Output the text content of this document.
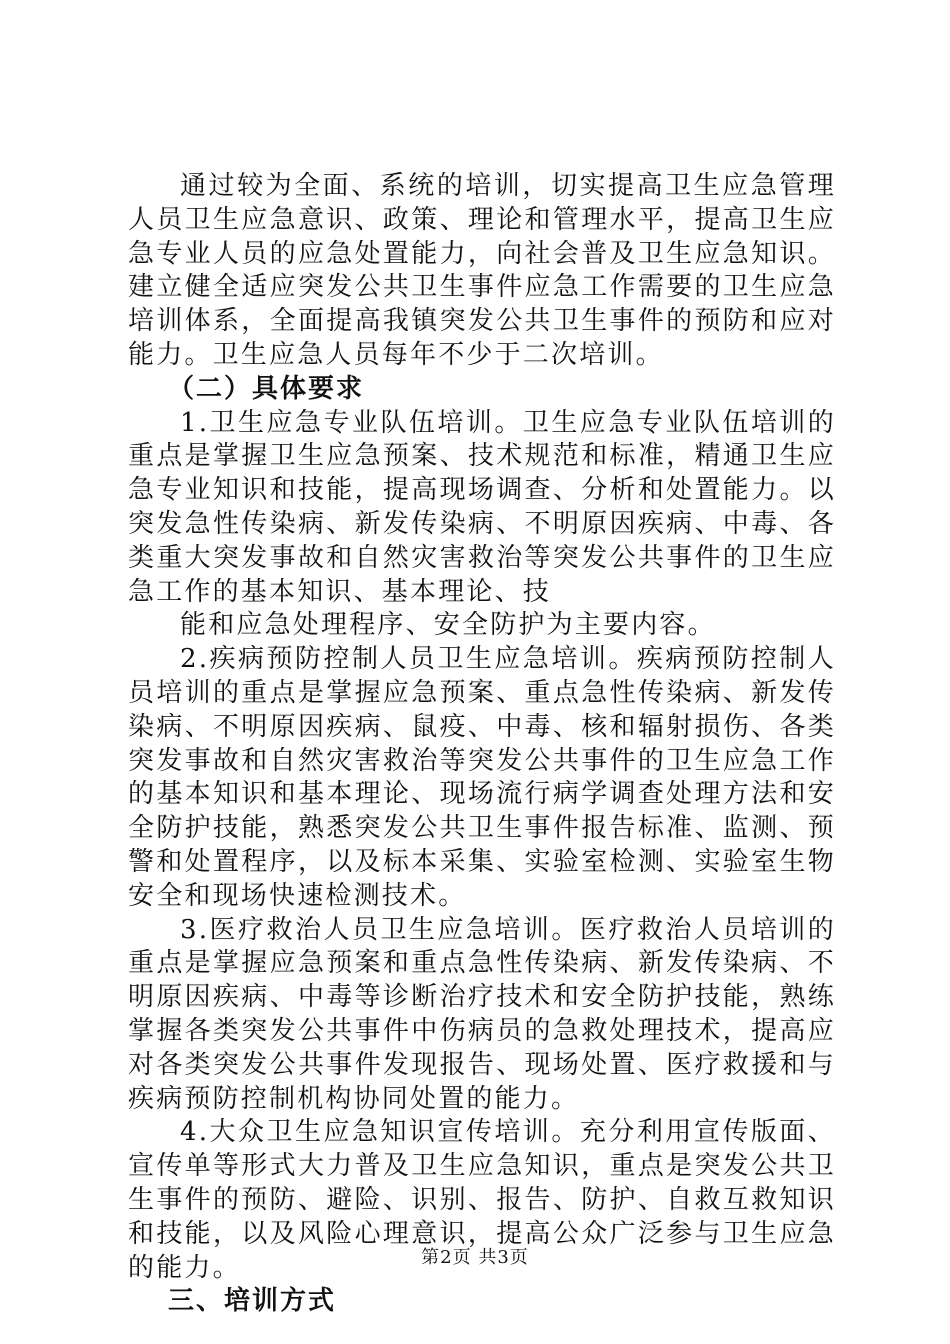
通过较为全面、系统的培训，切实提高卫生应急管理人员卫生应急意识、政策、理论和管理水平，提高卫生应急专业人员的应急处置能力，向社会普及卫生应急知识。建立健全适应突发公共卫生事件应急工作需要的卫生应急培训体系，全面提高我镇突发公共卫生事件的预防和应对能力。卫生应急人员每年不少于二次培训。

（二）具体要求

1.卫生应急专业队伍培训。卫生应急专业队伍培训的重点是掌握卫生应急预案、技术规范和标准，精通卫生应急专业知识和技能，提高现场调查、分析和处置能力。以突发急性传染病、新发传染病、不明原因疾病、中毒、各类重大突发事故和自然灾害救治等突发公共事件的卫生应急工作的基本知识、基本理论、技

能和应急处理程序、安全防护为主要内容。

2.疾病预防控制人员卫生应急培训。疾病预防控制人员培训的重点是掌握应急预案、重点急性传染病、新发传染病、不明原因疾病、鼠疫、中毒、核和辐射损伤、各类突发事故和自然灾害救治等突发公共事件的卫生应急工作的基本知识和基本理论、现场流行病学调查处理方法和安全防护技能，熟悉突发公共卫生事件报告标准、监测、预警和处置程序，以及标本采集、实验室检测、实验室生物安全和现场快速检测技术。

3.医疗救治人员卫生应急培训。医疗救治人员培训的重点是掌握应急预案和重点急性传染病、新发传染病、不明原因疾病、中毒等诊断治疗技术和安全防护技能，熟练掌握各类突发公共事件中伤病员的急救处理技术，提高应对各类突发公共事件发现报告、现场处置、医疗救援和与疾病预防控制机构协同处置的能力。

4.大众卫生应急知识宣传培训。充分利用宣传版面、宣传单等形式大力普及卫生应急知识，重点是突发公共卫生事件的预防、避险、识别、报告、防护、自救互救知识和技能，以及风险心理意识，提高公众广泛参与卫生应急的能力。

三、培训方式

第2页 共3页
